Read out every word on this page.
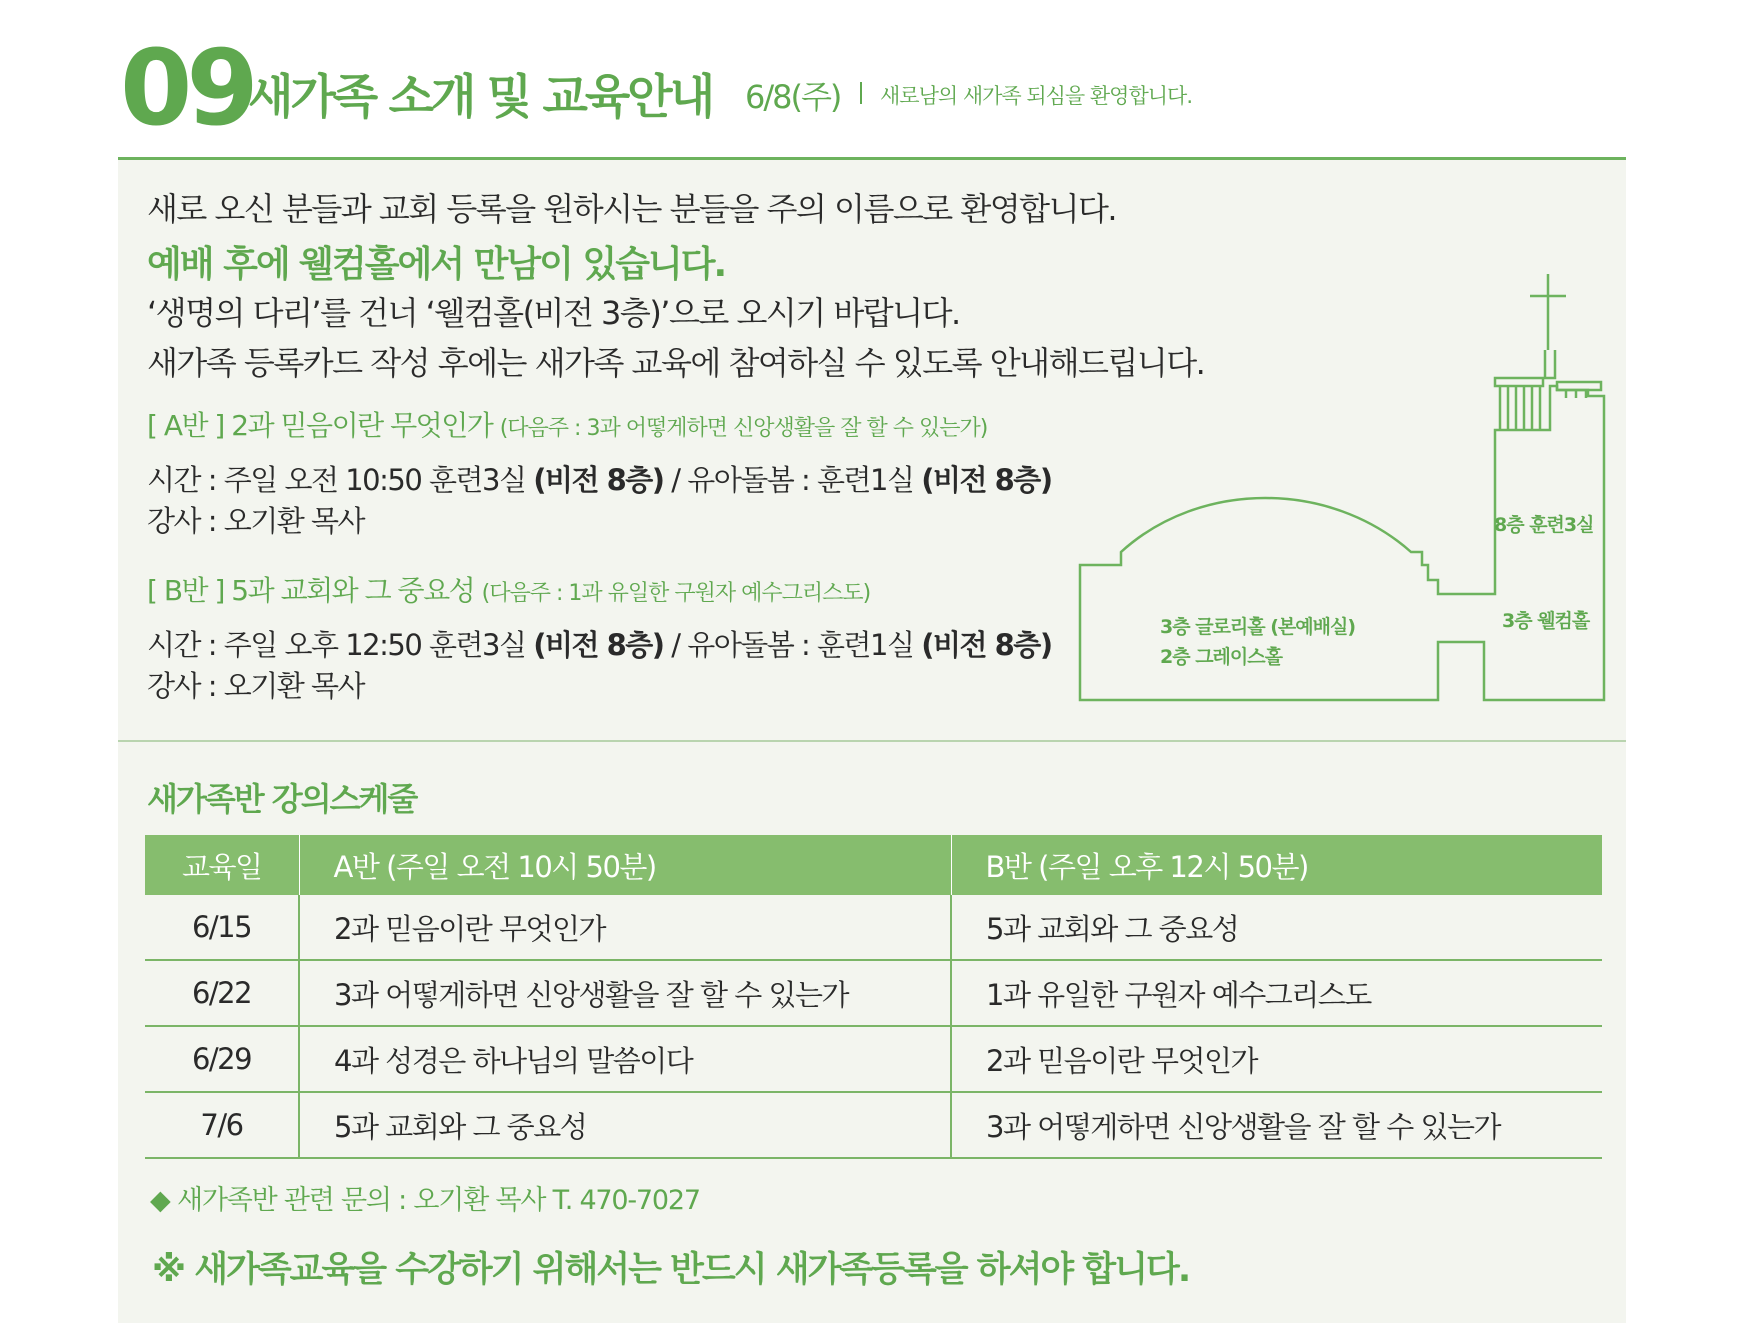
09
새가족 소개 및 교육안내 6/8(주) 새로남의 새가족 되심을 환영합니다.
새로 오신 분들과 교회 등록을 원하시는 분들을 주의 이름으로 환영합니다.
예배 후에 웰컴홀에서 만남이 있습니다.
‘생명의 다리’를 건너 ‘웰컴홀(비전 3층)’으로 오시기 바랍니다.
새가족 등록카드 작성 후에는 새가족 교육에 참여하실 수 있도록 안내해드립니다.
[ A반 ] 2과 믿음이란 무엇인가 (다음주 : 3과 어떻게하면 신앙생활을 잘 할 수 있는가)
시간 : 주일 오전 10:50 훈련3실 (비전 8층) / 유아돌봄 : 훈련1실 (비전 8층)
강사 : 오기환 목사
[ B반 ] 5과 교회와 그 중요성 (다음주 : 1과 유일한 구원자 예수그리스도)
시간 : 주일 오후 12:50 훈련3실 (비전 8층) / 유아돌봄 : 훈련1실 (비전 8층)
강사 : 오기환 목사
8층 훈련3실
3층 웰컴홀
3층 글로리홀 (본예배실)
2층 그레이스홀
새가족반 강의스케줄
교육일	A반 (주일 오전 10시 50분)	B반 (주일 오후 12시 50분)
6/15	2과 믿음이란 무엇인가	5과 교회와 그 중요성
6/22	3과 어떻게하면 신앙생활을 잘 할 수 있는가	1과 유일한 구원자 예수그리스도
6/29	4과 성경은 하나님의 말씀이다	2과 믿음이란 무엇인가
7/6	5과 교회와 그 중요성	3과 어떻게하면 신앙생활을 잘 할 수 있는가
◆ 새가족반 관련 문의 : 오기환 목사 T. 470-7027
※ 새가족교육을 수강하기 위해서는 반드시 새가족등록을 하셔야 합니다.
